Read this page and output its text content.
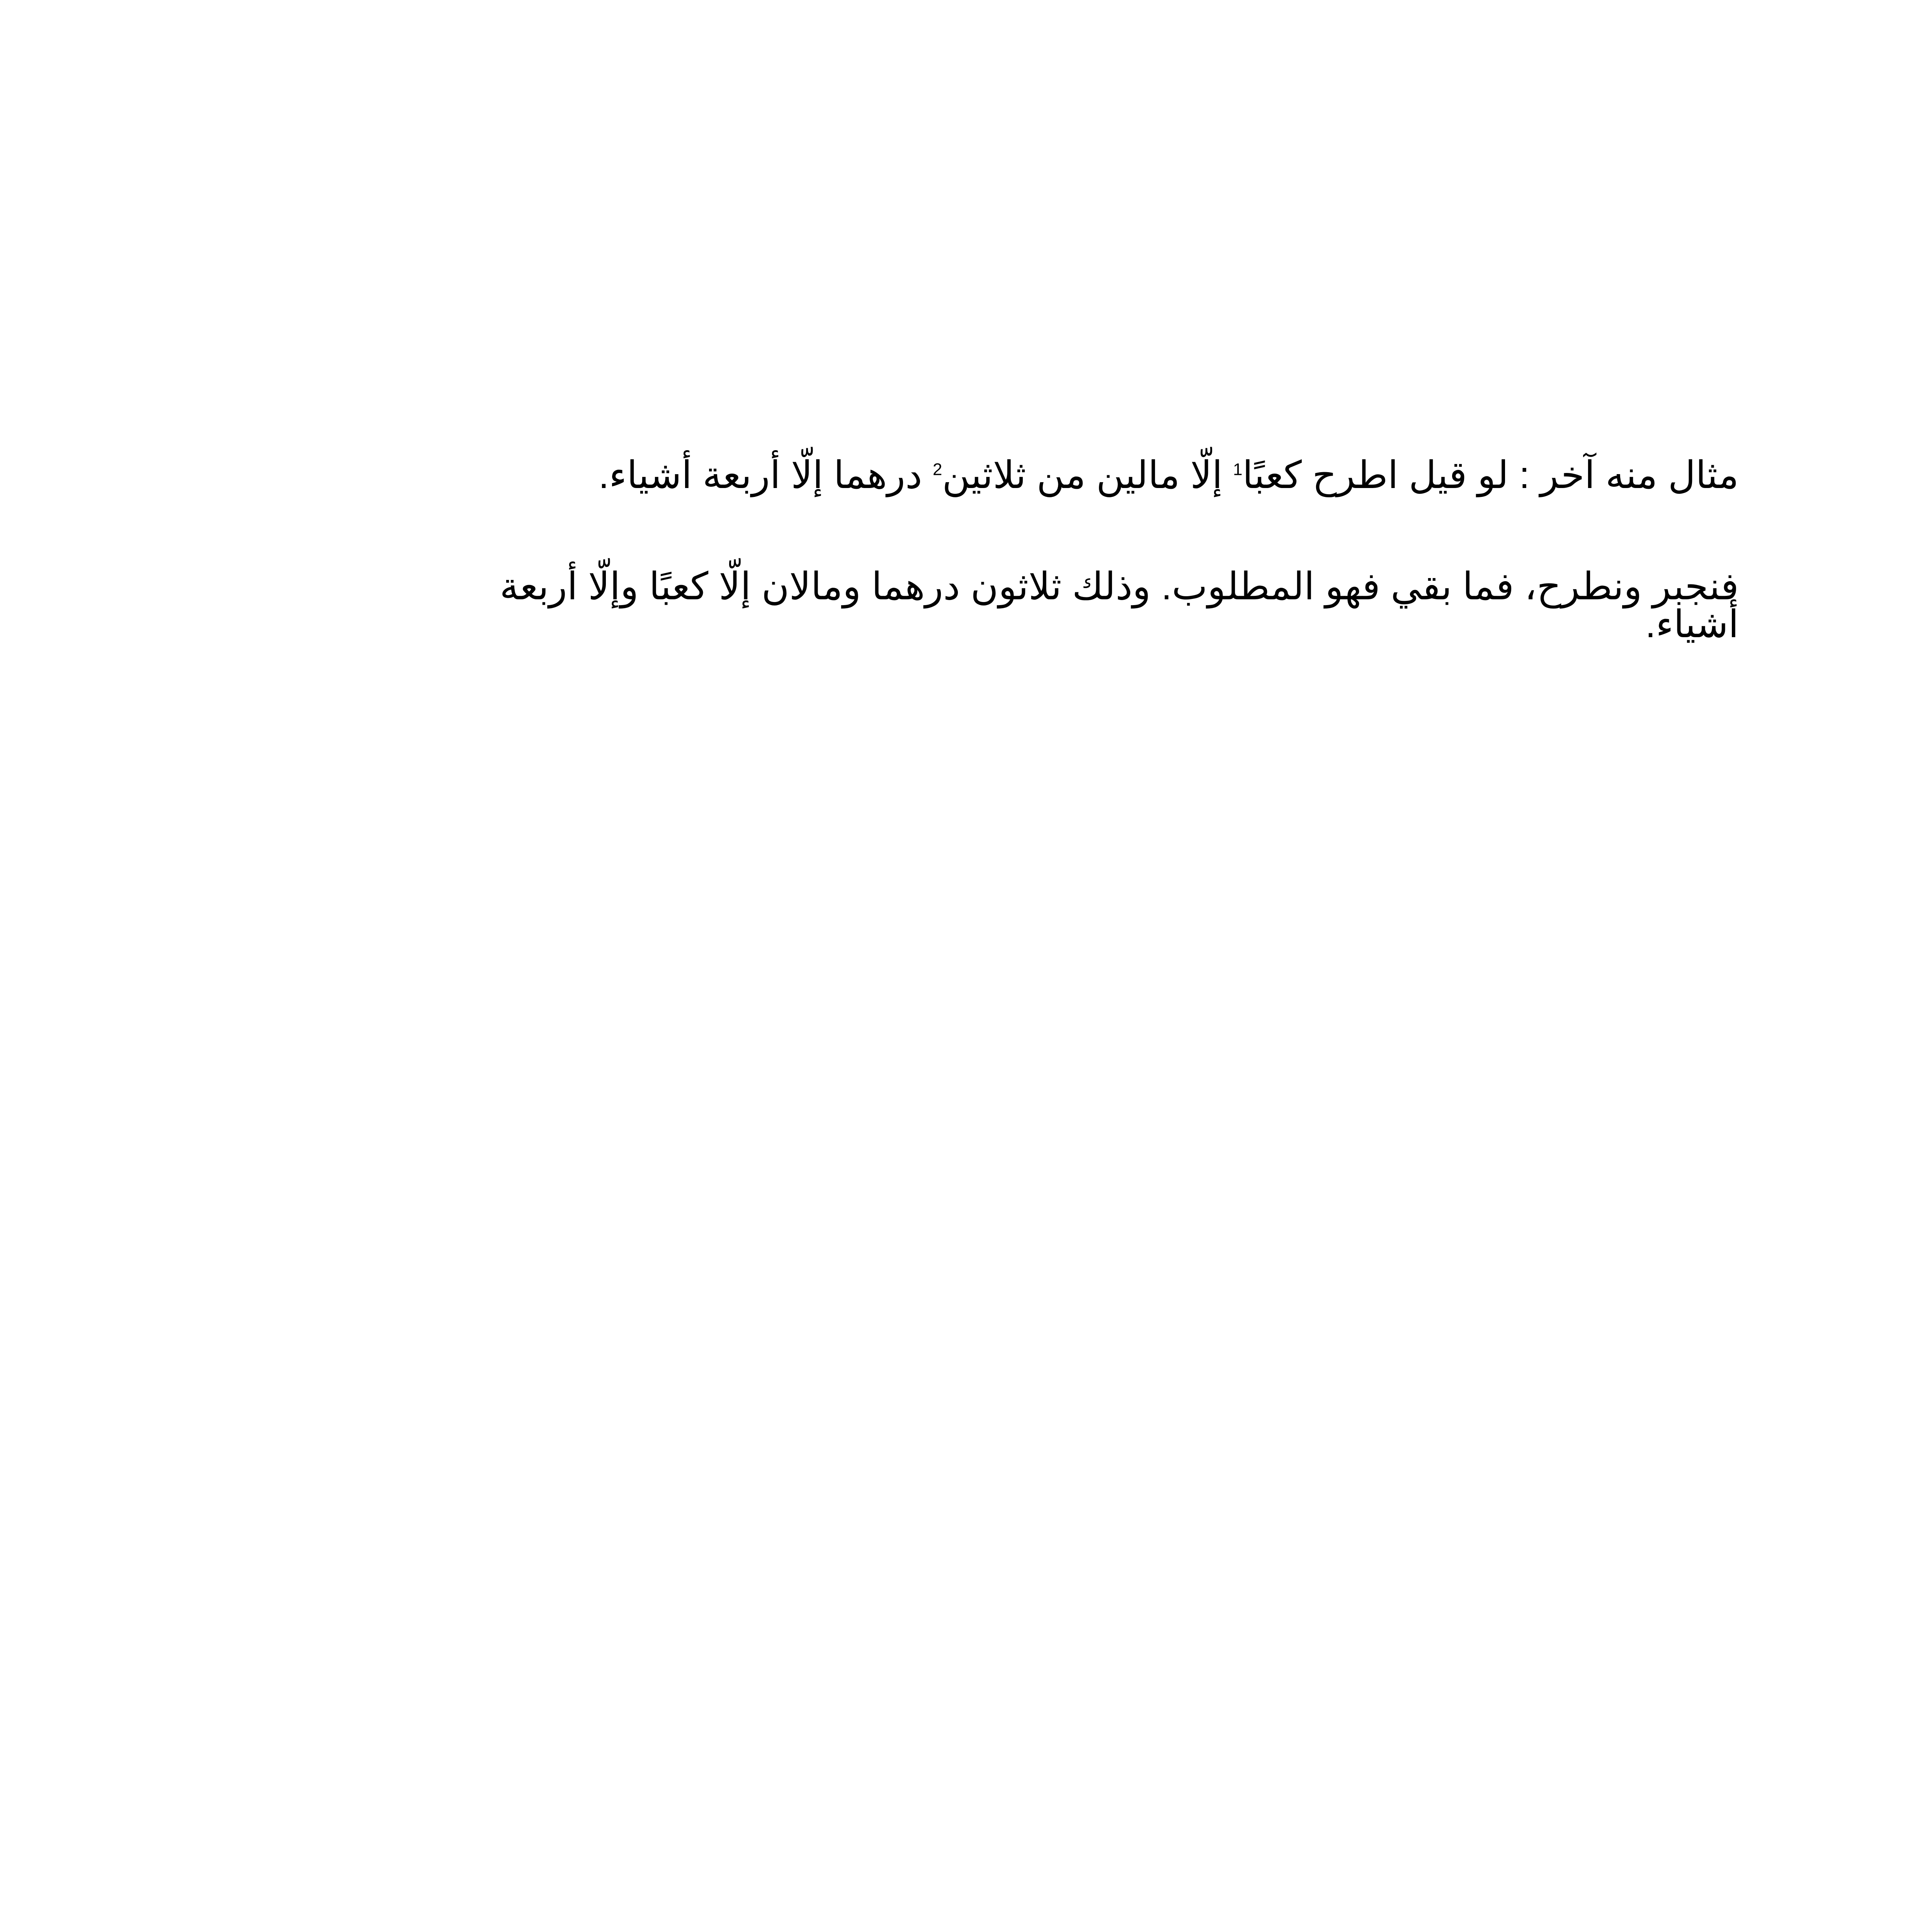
مثال منه آخر : لو قيل اطرح كعبًا$^1$ إلّا مالين من ثلاثين$^2$ درهما إلّا أربعة أشياء.

فنجبر ونطرح، فما بقي فهو المطلوب. وذلك ثلاثون درهما ومالان إلّا كعبًا وإلّا أربعة أشياء.
